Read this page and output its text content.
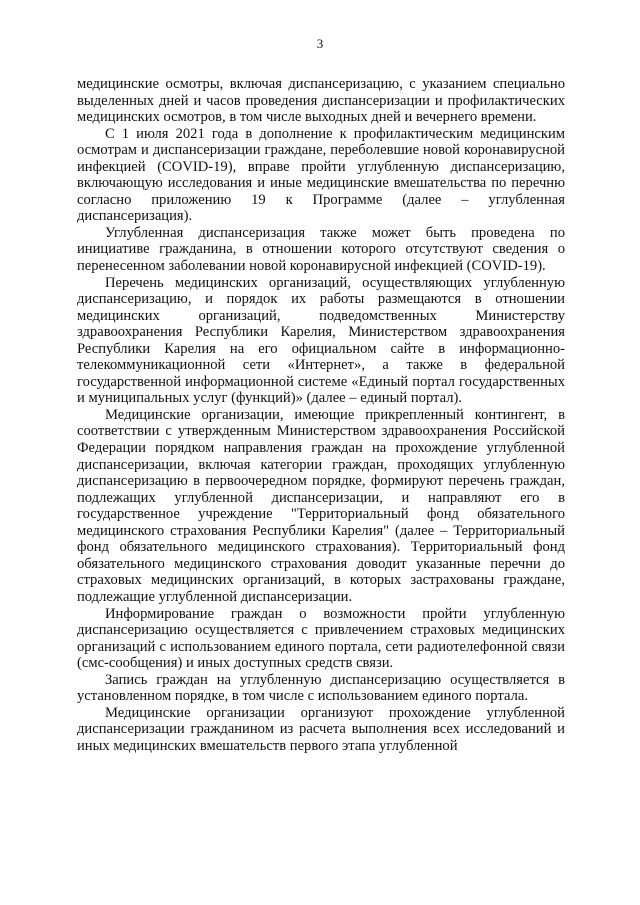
3

медицинские осмотры, включая диспансеризацию, с указанием специально выделенных дней и часов проведения диспансеризации и профилактических медицинских осмотров, в том числе выходных дней и вечернего времени.

С 1 июля 2021 года в дополнение к профилактическим медицинским осмотрам и диспансеризации граждане, переболевшие новой коронавирусной инфекцией (COVID-19), вправе пройти углубленную диспансеризацию, включающую исследования и иные медицинские вмешательства по перечню согласно приложению 19 к Программе (далее – углубленная диспансеризация).

Углубленная диспансеризация также может быть проведена по инициативе гражданина, в отношении которого отсутствуют сведения о перенесенном заболевании новой коронавирусной инфекцией (COVID-19).

Перечень медицинских организаций, осуществляющих углубленную диспансеризацию, и порядок их работы размещаются в отношении медицинских организаций, подведомственных Министерству здравоохранения Республики Карелия, Министерством здравоохранения Республики Карелия на его официальном сайте в информационно-телекоммуникационной сети «Интернет», а также в федеральной государственной информационной системе «Единый портал государственных и муниципальных услуг (функций)» (далее – единый портал).

Медицинские организации, имеющие прикрепленный контингент, в соответствии с утвержденным Министерством здравоохранения Российской Федерации порядком направления граждан на прохождение углубленной диспансеризации, включая категории граждан, проходящих углубленную диспансеризацию в первоочередном порядке, формируют перечень граждан, подлежащих углубленной диспансеризации, и направляют его в государственное учреждение "Территориальный фонд обязательного медицинского страхования Республики Карелия" (далее – Территориальный фонд обязательного медицинского страхования). Территориальный фонд обязательного медицинского страхования доводит указанные перечни до страховых медицинских организаций, в которых застрахованы граждане, подлежащие углубленной диспансеризации.

Информирование граждан о возможности пройти углубленную диспансеризацию осуществляется с привлечением страховых медицинских организаций с использованием единого портала, сети радиотелефонной связи (смс-сообщения) и иных доступных средств связи.

Запись граждан на углубленную диспансеризацию осуществляется в установленном порядке, в том числе с использованием единого портала.

Медицинские организации организуют прохождение углубленной диспансеризации гражданином из расчета выполнения всех исследований и иных медицинских вмешательств первого этапа углубленной
